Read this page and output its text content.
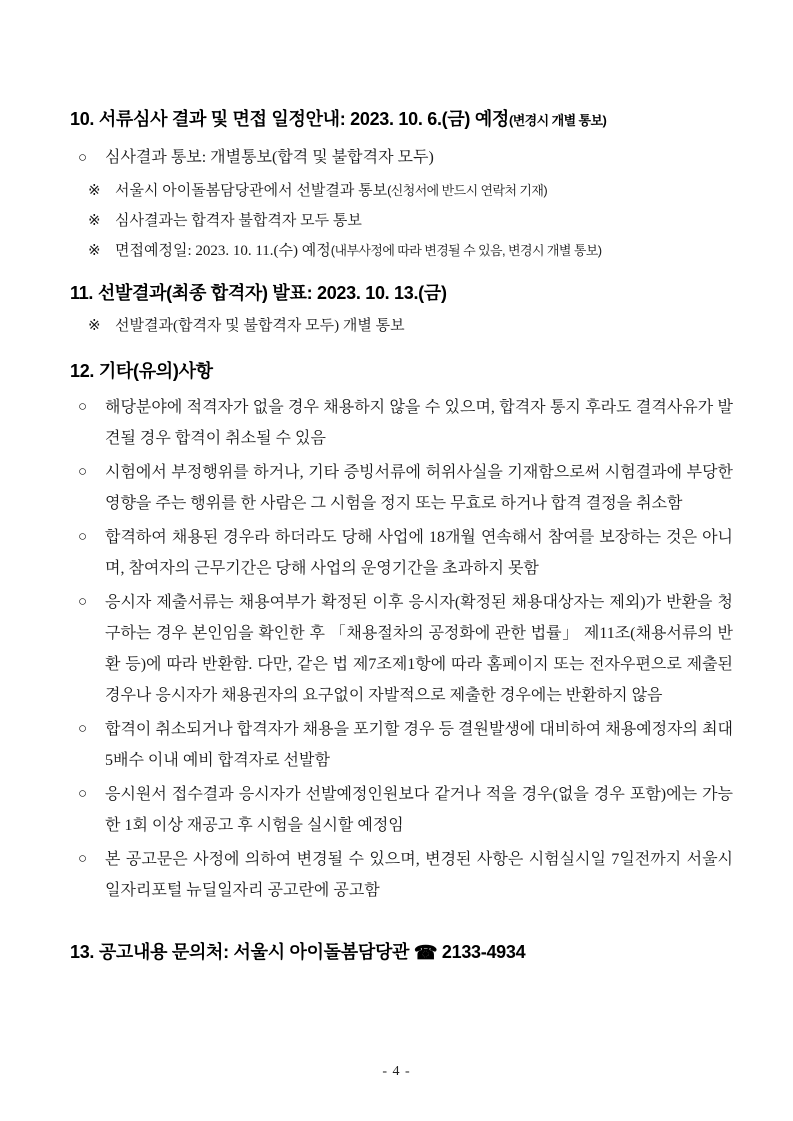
10. 서류심사 결과 및 면접 일정안내: 2023. 10. 6.(금) 예정(변경시 개별 통보)

○ 심사결과 통보: 개별통보(합격 및 불합격자 모두)

※ 서울시 아이돌봄담당관에서 선발결과 통보(신청서에 반드시 연락처 기재)

※ 심사결과는 합격자 불합격자 모두 통보

※ 면접예정일: 2023. 10. 11.(수) 예정(내부사정에 따라 변경될 수 있음, 변경시 개별 통보)

11. 선발결과(최종 합격자) 발표: 2023. 10. 13.(금)

※ 선발결과(합격자 및 불합격자 모두) 개별 통보

12. 기타(유의)사항

○ 해당분야에 적격자가 없을 경우 채용하지 않을 수 있으며, 합격자 통지 후라도 결격사유가 발견될 경우 합격이 취소될 수 있음

○ 시험에서 부정행위를 하거나, 기타 증빙서류에 허위사실을 기재함으로써 시험결과에 부당한 영향을 주는 행위를 한 사람은 그 시험을 정지 또는 무효로 하거나 합격 결정을 취소함

○ 합격하여 채용된 경우라 하더라도 당해 사업에 18개월 연속해서 참여를 보장하는 것은 아니며, 참여자의 근무기간은 당해 사업의 운영기간을 초과하지 못함

○ 응시자 제출서류는 채용여부가 확정된 이후 응시자(확정된 채용대상자는 제외)가 반환을 청구하는 경우 본인임을 확인한 후 「채용절차의 공정화에 관한 법률」 제11조(채용서류의 반환 등)에 따라 반환함. 다만, 같은 법 제7조제1항에 따라 홈페이지 또는 전자우편으로 제출된 경우나 응시자가 채용권자의 요구없이 자발적으로 제출한 경우에는 반환하지 않음

○ 합격이 취소되거나 합격자가 채용을 포기할 경우 등 결원발생에 대비하여 채용예정자의 최대 5배수 이내 예비 합격자로 선발함

○ 응시원서 접수결과 응시자가 선발예정인원보다 같거나 적을 경우(없을 경우 포함)에는 가능한 1회 이상 재공고 후 시험을 실시할 예정임

○ 본 공고문은 사정에 의하여 변경될 수 있으며, 변경된 사항은 시험실시일 7일전까지 서울시 일자리포털 뉴딜일자리 공고란에 공고함

13. 공고내용 문의처: 서울시 아이돌봄담당관 ☎ 2133-4934
- 4 -
